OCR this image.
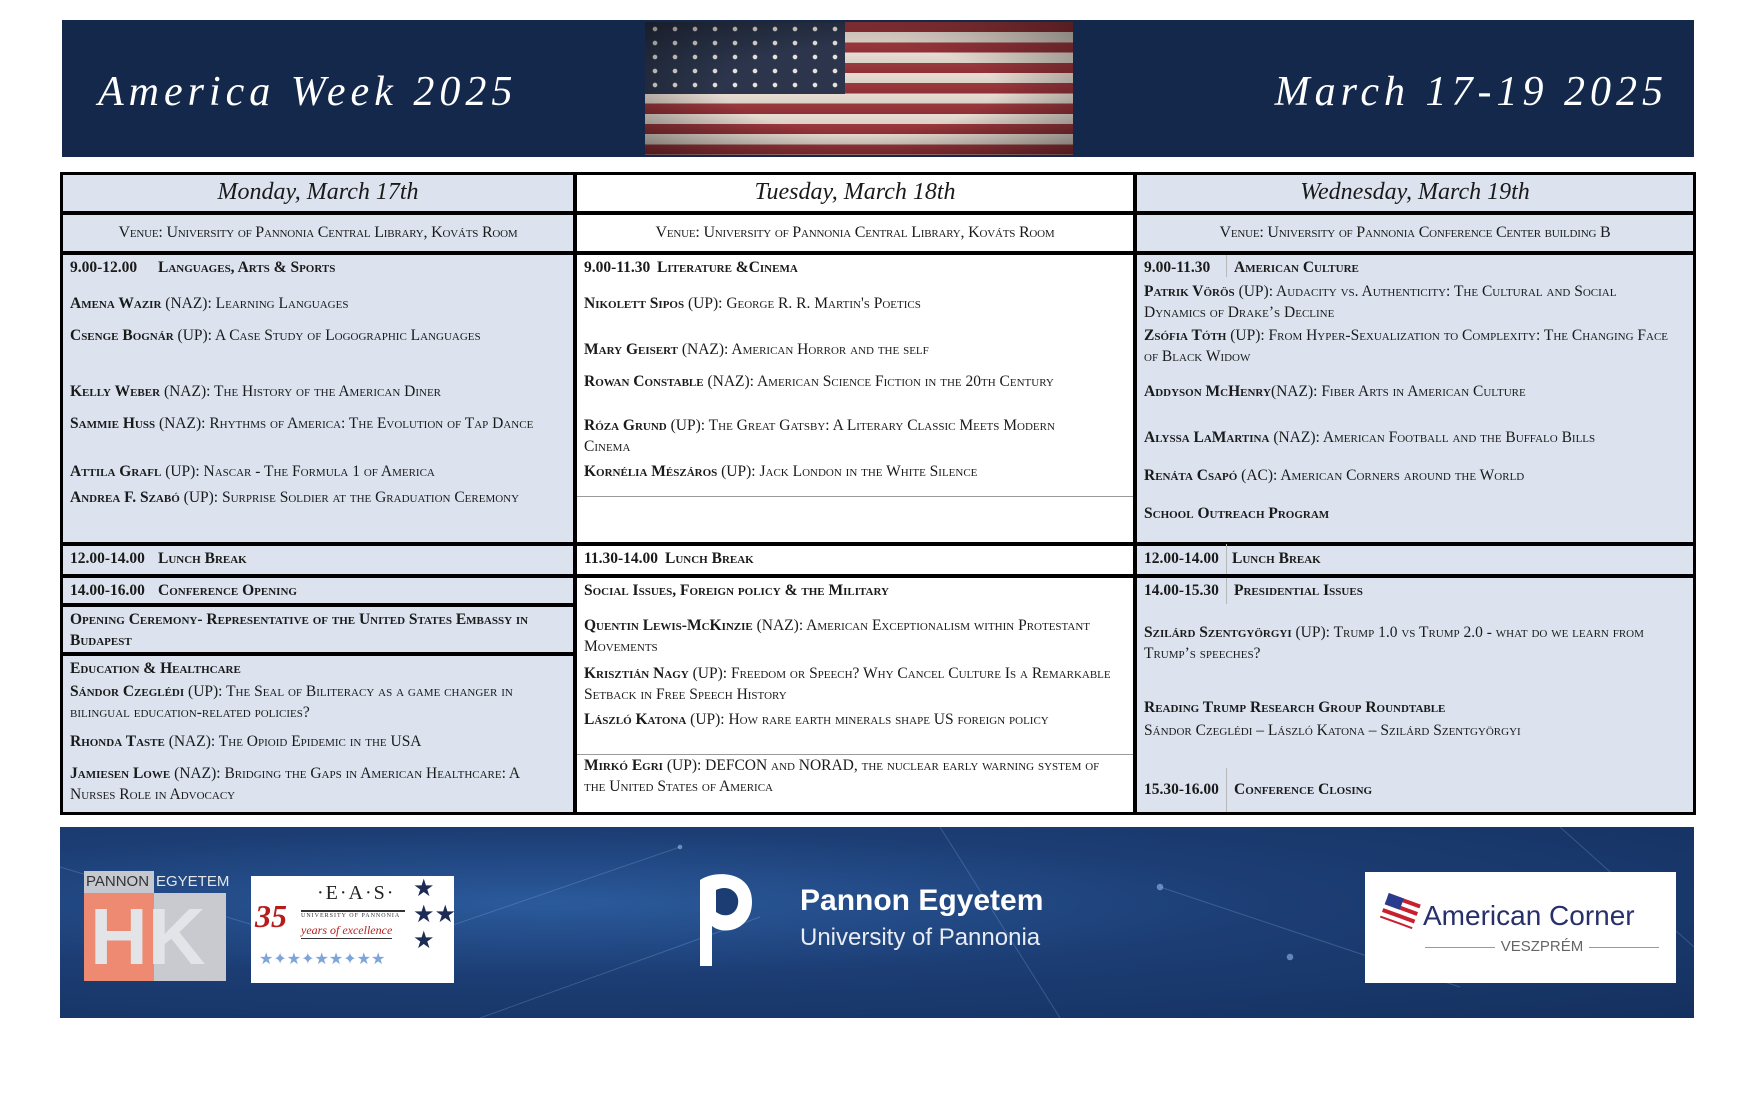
America Week 2025	March 17-19 2025
Monday, March 17th
Venue: University of Pannonia Central Library, Kováts Room
9.00-12.00 Languages, Arts & Sports
Amena Wazir (NAZ): Learning Languages
Csenge Bognár (UP): A Case Study of Logographic Languages
Kelly Weber (NAZ): The History of the American Diner
Sammie Huss (NAZ): Rhythms of America: The Evolution of Tap Dance
Attila Grafl (UP): Nascar - The Formula 1 of America
Andrea F. Szabó (UP): Surprise Soldier at the Graduation Ceremony
12.00-14.00 Lunch Break
14.00-16.00 Conference Opening
Opening Ceremony- Representative of the United States Embassy in Budapest
Education & Healthcare
Sándor Czeglédi (UP): The Seal of Biliteracy as a game changer in bilingual education-related policies?
Rhonda Taste (NAZ): The Opioid Epidemic in the USA
Jamiesen Lowe (NAZ): Bridging the Gaps in American Healthcare: A Nurses Role in Advocacy
Tuesday, March 18th
Venue: University of Pannonia Central Library, Kováts Room
9.00-11.30 Literature &Cinema
Nikolett Sipos (UP): George R. R. Martin's Poetics
Mary Geisert (NAZ): American Horror and the self
Rowan Constable (NAZ): American Science Fiction in the 20th Century
Róza Grund (UP): The Great Gatsby: A Literary Classic Meets Modern Cinema
Kornélia Mészáros (UP): Jack London in the White Silence
11.30-14.00 Lunch Break
Social Issues, Foreign policy & the Military
Quentin Lewis-McKinzie (NAZ): American Exceptionalism within Protestant Movements
Krisztián Nagy (UP): Freedom or Speech? Why Cancel Culture Is a Remarkable Setback in Free Speech History
László Katona (UP): How rare earth minerals shape US foreign policy
Mirkó Egri (UP): DEFCON and NORAD, the nuclear early warning system of the United States of America
Wednesday, March 19th
Venue: University of Pannonia Conference Center building B
9.00-11.30 American Culture
Patrik Vörös (UP): Audacity vs. Authenticity: The Cultural and Social Dynamics of Drake’s Decline
Zsófia Tóth (UP): From Hyper-Sexualization to Complexity: The Changing Face of Black Widow
Addyson McHenry(NAZ): Fiber Arts in American Culture
Alyssa LaMartina (NAZ): American Football and the Buffalo Bills
Renáta Csapó (AC): American Corners around the World
School Outreach Program
12.00-14.00 Lunch Break
14.00-15.30 Presidential Issues
Szilárd Szentgyörgyi (UP): Trump 1.0 vs Trump 2.0 - what do we learn from Trump’s speeches?
Reading Trump Research Group Roundtable
Sándor Czeglédi – László Katona – Szilárd Szentgyörgyi
15.30-16.00 Conference Closing
PANNON EGYETEM
HK 35
·E·A·S·
UNIVERSITY OF PANNONIA
years of excellence
★ ✦ ★ ✦ ★ ★ ✦ ★ ★
★
★★
★
Pannon Egyetem
University of Pannonia
American Corner
VESZPRÉM
